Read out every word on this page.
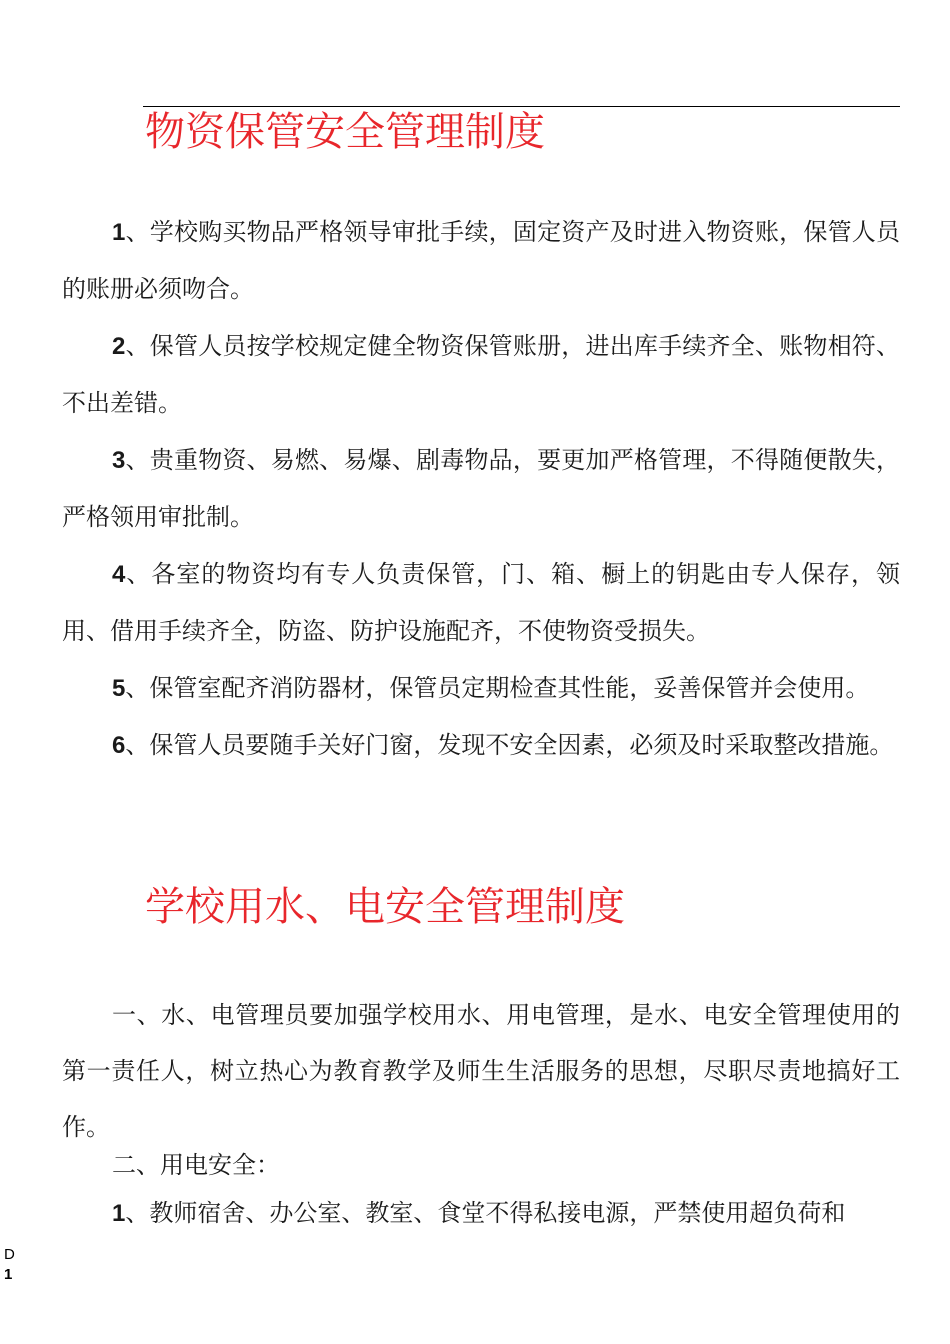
物资保管安全管理制度

1、学校购买物品严格领导审批手续，固定资产及时进入物资账，保管人员的账册必须吻合。

2、保管人员按学校规定健全物资保管账册，进出库手续齐全、账物相符、不出差错。

3、贵重物资、易燃、易爆、剧毒物品，要更加严格管理，不得随便散失，严格领用审批制。

4、各室的物资均有专人负责保管，门、箱、橱上的钥匙由专人保存，领用、借用手续齐全，防盗、防护设施配齐，不使物资受损失。

5、保管室配齐消防器材，保管员定期检查其性能，妥善保管并会使用。

6、保管人员要随手关好门窗，发现不安全因素，必须及时采取整改措施。

学校用水、电安全管理制度

一、水、电管理员要加强学校用水、用电管理，是水、电安全管理使用的第一责任人，树立热心为教育教学及师生生活服务的思想，尽职尽责地搞好工作。

二、用电安全：

1、教师宿舍、办公室、教室、食堂不得私接电源，严禁使用超负荷和

D
1
